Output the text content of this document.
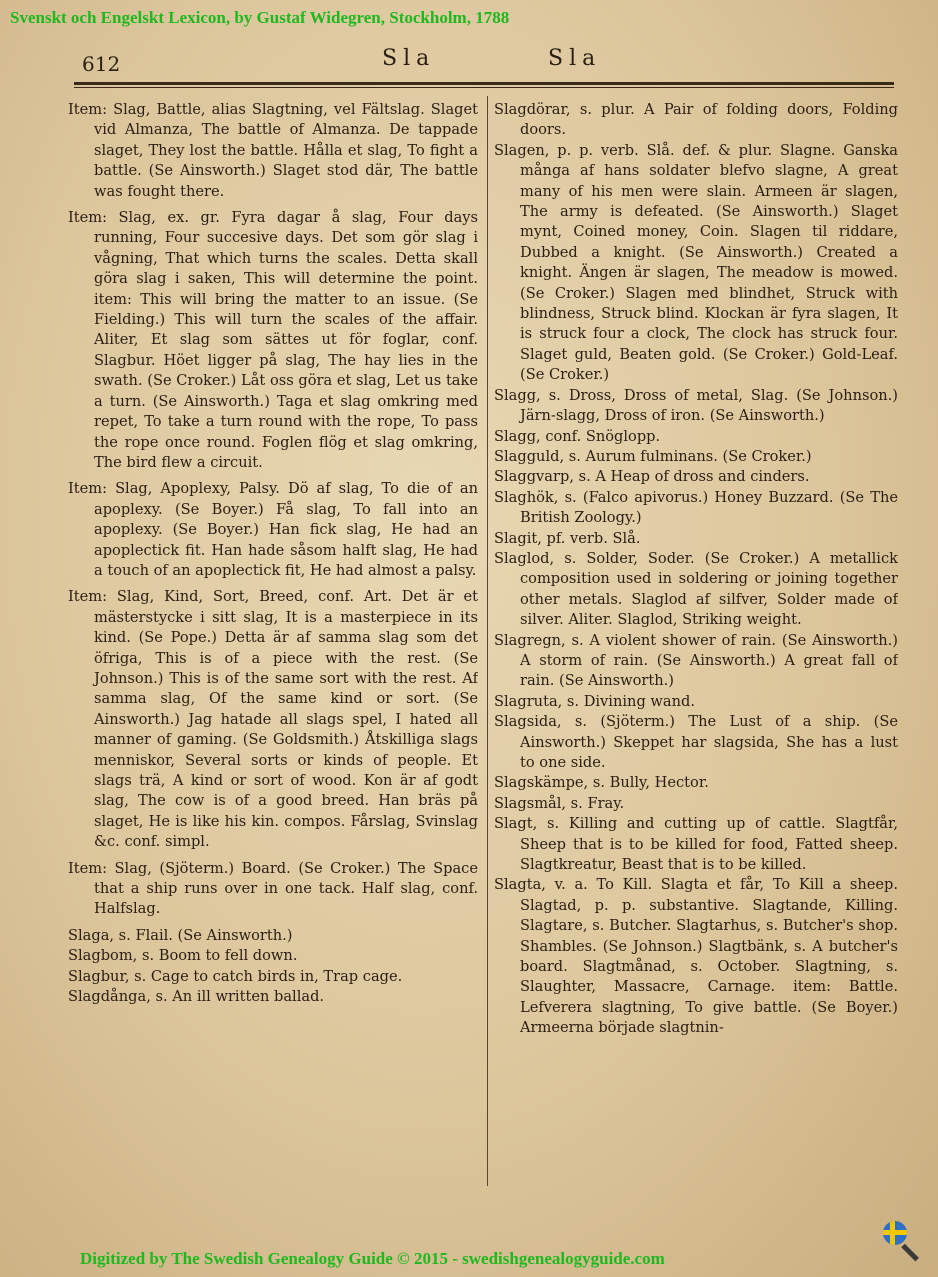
Svenskt och Engelskt Lexicon, by Gustaf Widegren, Stockholm, 1788
612	Sla	Sla

Item: Slag, Battle, alias Slagtning, vel Fältslag. Slaget vid Almanza, The battle of Almanza. De tappade slaget, They lost the battle. Hålla et slag, To fight a battle. (Se Ainsworth.) Slaget stod där, The battle was fought there.

Item: Slag, ex. gr. Fyra dagar å slag, Four days running, Four succesive days. Det som gör slag i vågning, That which turns the scales. Detta skall göra slag i saken, This will determine the point. item: This will bring the matter to an issue. (Se Fielding.) This will turn the scales of the affair. Aliter, Et slag som sättes ut för foglar, conf. Slagbur. Höet ligger på slag, The hay lies in the swath. (Se Croker.) Låt oss göra et slag, Let us take a turn. (Se Ainsworth.) Taga et slag omkring med repet, To take a turn round with the rope, To pass the rope once round. Foglen flög et slag omkring, The bird flew a circuit.

Item: Slag, Apoplexy, Palsy. Dö af slag, To die of an apoplexy. (Se Boyer.) Få slag, To fall into an apoplexy. (Se Boyer.) Han fick slag, He had an apoplectick fit. Han hade såsom halft slag, He had a touch of an apoplectick fit, He had almost a palsy.

Item: Slag, Kind, Sort, Breed, conf. Art. Det är et mästerstycke i sitt slag, It is a masterpiece in its kind. (Se Pope.) Detta är af samma slag som det öfriga, This is of a piece with the rest. (Se Johnson.) This is of the same sort with the rest. Af samma slag, Of the same kind or sort. (Se Ainsworth.) Jag hatade all slags spel, I hated all manner of gaming. (Se Goldsmith.) Åtskilliga slags menniskor, Several sorts or kinds of people. Et slags trä, A kind or sort of wood. Kon är af godt slag, The cow is of a good breed. Han bräs på slaget, He is like his kin. compos. Fårslag, Svinslag &c. conf. simpl.

Item: Slag, (Sjöterm.) Board. (Se Croker.) The Space that a ship runs over in one tack. Half slag, conf. Halfslag.

Slaga, s. Flail. (Se Ainsworth.)

Slagbom, s. Boom to fell down.

Slagbur, s. Cage to catch birds in, Trap cage.

Slagdånga, s. An ill written ballad.

Slagdörar, s. plur. A Pair of folding doors, Folding doors.

Slagen, p. p. verb. Slå. def. & plur. Slagne. Ganska många af hans soldater blefvo slagne, A great many of his men were slain. Armeen är slagen, The army is defeated. (Se Ainsworth.) Slaget mynt, Coined money, Coin. Slagen til riddare, Dubbed a knight. (Se Ainsworth.) Created a knight. Ängen är slagen, The meadow is mowed. (Se Croker.) Slagen med blindhet, Struck with blindness, Struck blind. Klockan är fyra slagen, It is struck four a clock, The clock has struck four. Slaget guld, Beaten gold. (Se Croker.) Gold-Leaf. (Se Croker.)

Slagg, s. Dross, Dross of metal, Slag. (Se Johnson.) Järn-slagg, Dross of iron. (Se Ainsworth.)

Slagg, conf. Snöglopp.

Slagguld, s. Aurum fulminans. (Se Croker.)

Slaggvarp, s. A Heap of dross and cinders.

Slaghök, s. (Falco apivorus.) Honey Buzzard. (Se The British Zoology.)

Slagit, pf. verb. Slå.

Slaglod, s. Solder, Soder. (Se Croker.) A metallick composition used in soldering or joining together other metals. Slaglod af silfver, Solder made of silver. Aliter. Slaglod, Striking weight.

Slagregn, s. A violent shower of rain. (Se Ainsworth.) A storm of rain. (Se Ainsworth.) A great fall of rain. (Se Ainsworth.)

Slagruta, s. Divining wand.

Slagsida, s. (Sjöterm.) The Lust of a ship. (Se Ainsworth.) Skeppet har slagsida, She has a lust to one side.

Slagskämpe, s. Bully, Hector.

Slagsmål, s. Fray.

Slagt, s. Killing and cutting up of cattle. Slagtfår, Sheep that is to be killed for food, Fatted sheep. Slagtkreatur, Beast that is to be killed.

Slagta, v. a. To Kill. Slagta et får, To Kill a sheep. Slagtad, p. p. substantive. Slagtande, Killing. Slagtare, s. Butcher. Slagtarhus, s. Butcher's shop. Shambles. (Se Johnson.) Slagtbänk, s. A butcher's board. Slagtmånad, s. October. Slagtning, s. Slaughter, Massacre, Carnage. item: Battle. Lefverera slagtning, To give battle. (Se Boyer.) Armeerna började slagtnin-

Digitized by The Swedish Genealogy Guide © 2015 - swedishgenealogyguide.com
